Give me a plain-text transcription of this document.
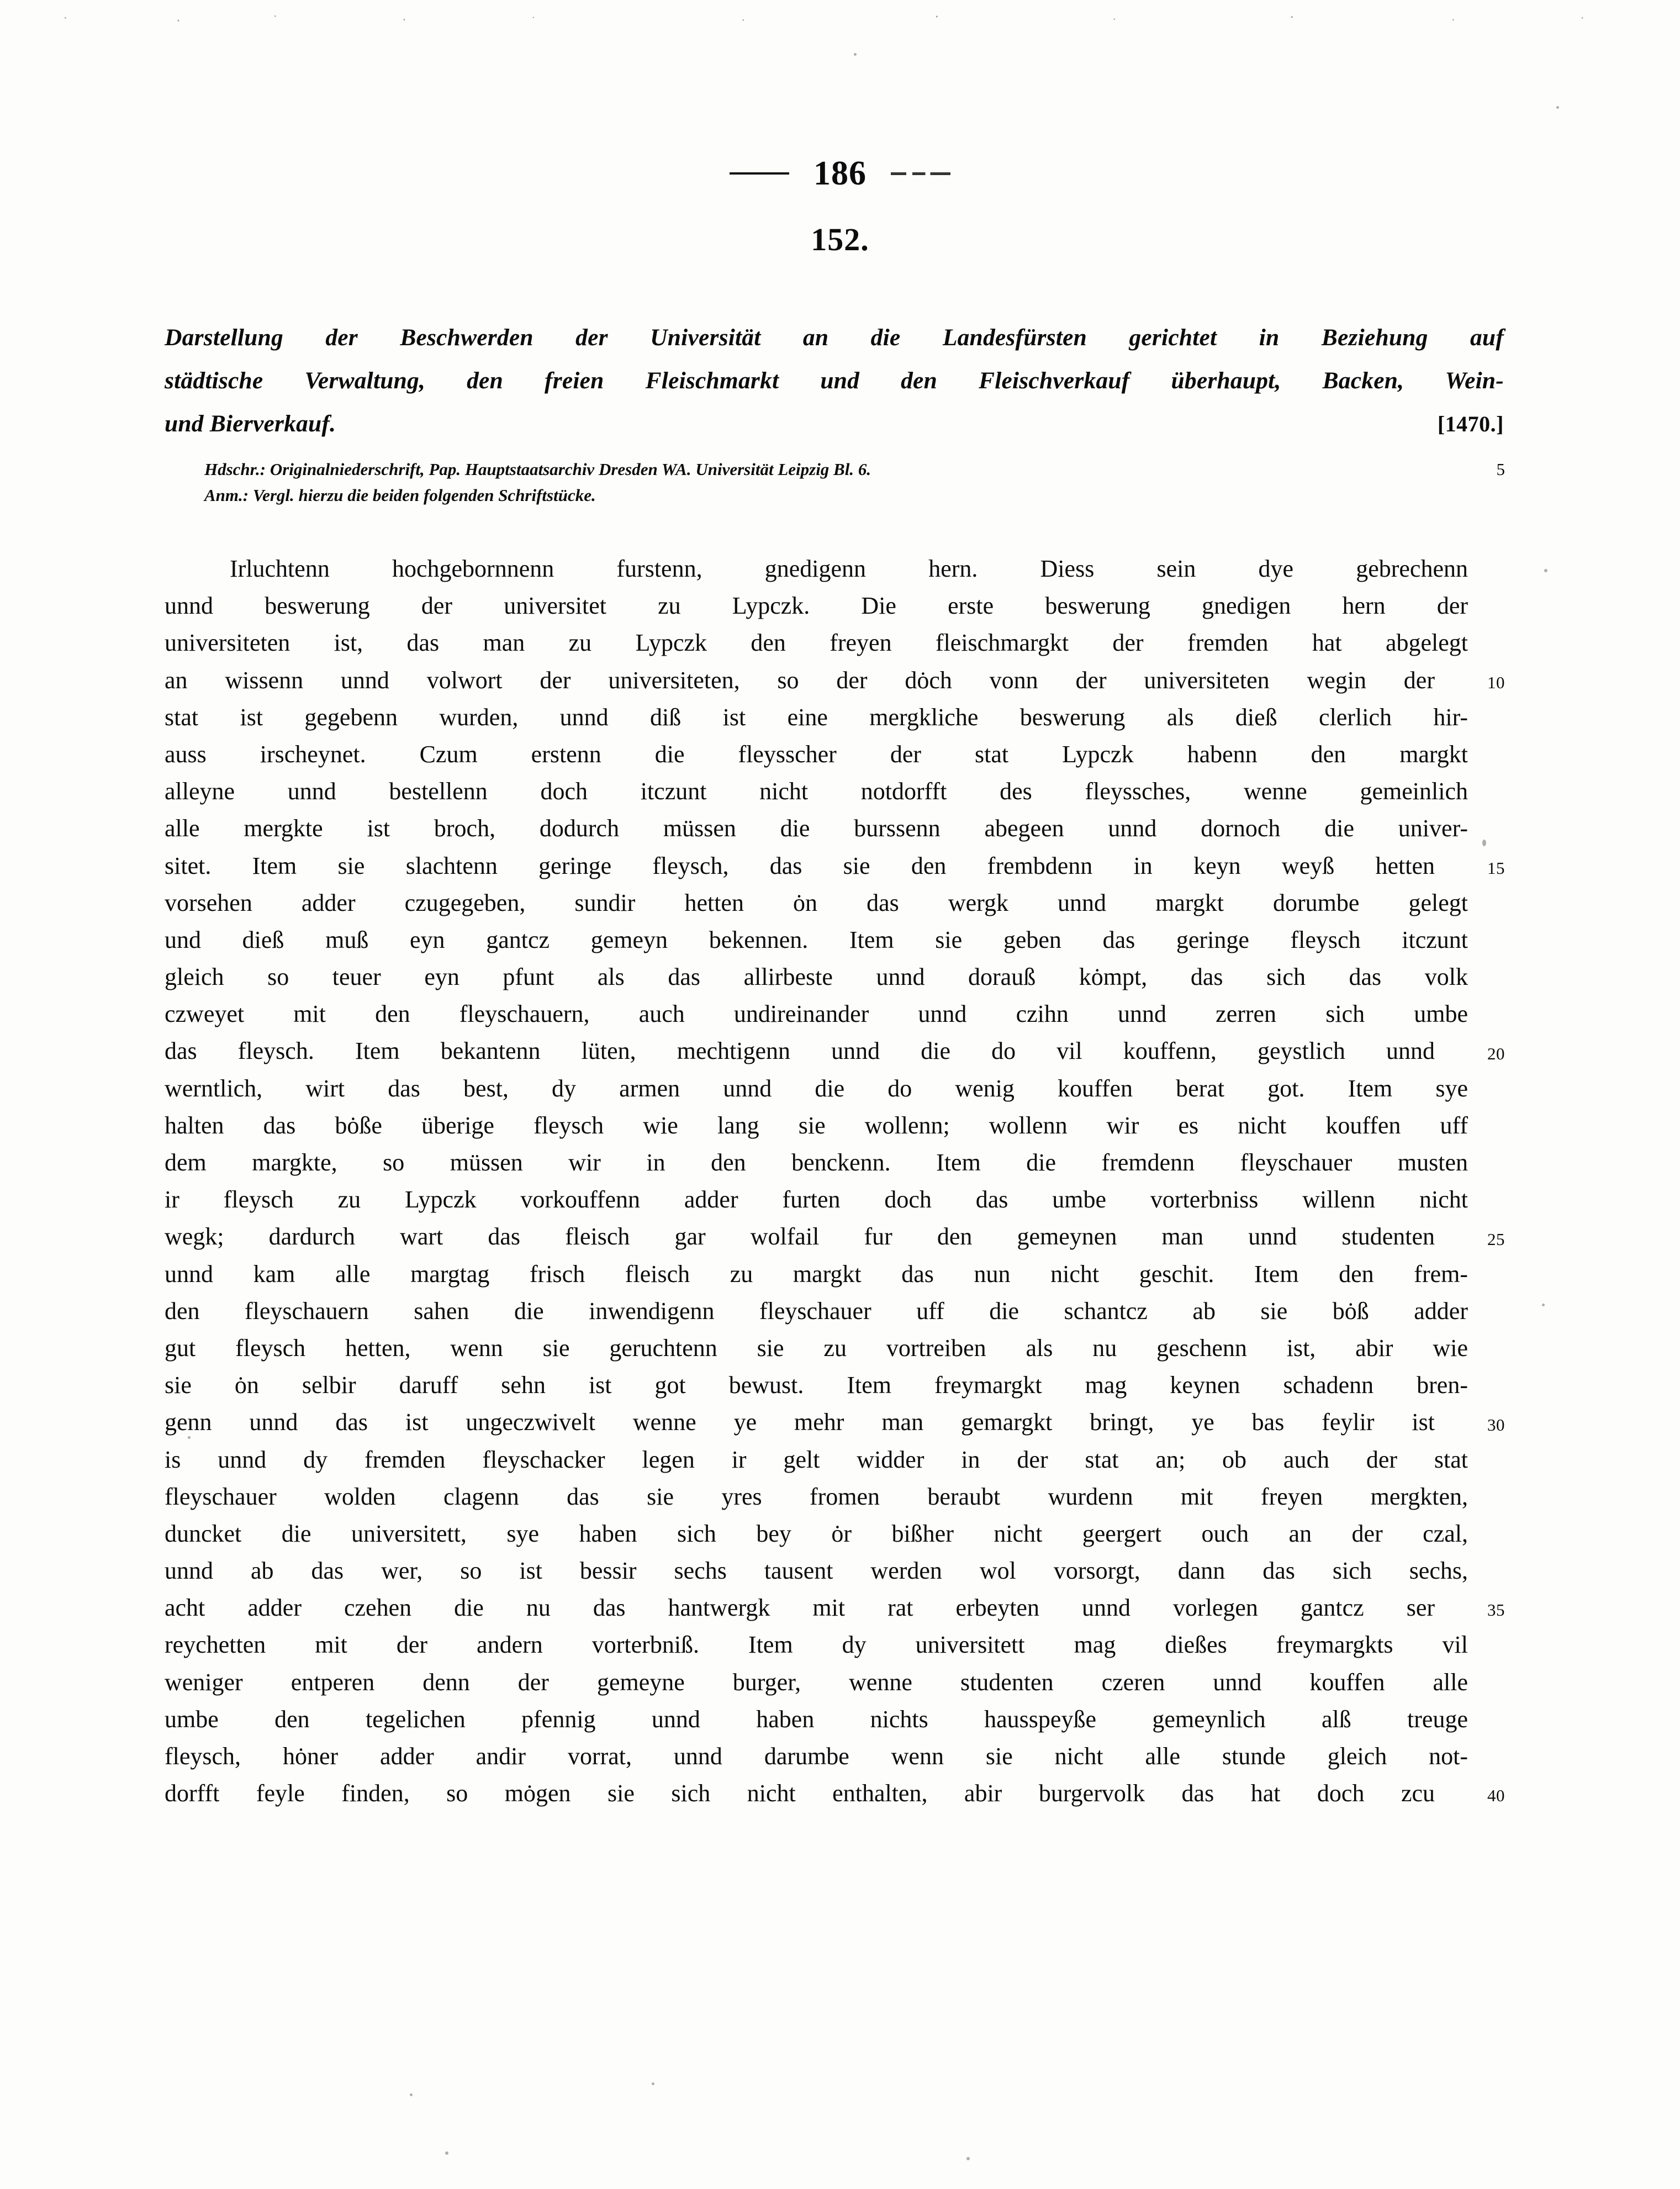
186
152.
Darstellung der Beschwerden der Universität an die Landesfürsten gerichtet in Beziehung auf
städtische Verwaltung, den freien Fleischmarkt und den Fleischverkauf überhaupt, Backen, Wein-
und Bierverkauf.	[1470.]
Hdschr.: Originalniederschrift, Pap. Hauptstaatsarchiv Dresden WA. Universität Leipzig Bl. 6.	5
Anm.: Vergl. hierzu die beiden folgenden Schriftstücke.
Irluchtenn hochgebornnenn furstenn, gnedigenn hern. Diess sein dye gebrechenn
unnd beswerung der universitet zu Lypczk. Die erste beswerung gnedigen hern der
universiteten ist, das man zu Lypczk den freyen fleischmargkt der fremden hat abgelegt
an wissenn unnd volwort der universiteten, so der dȯch vonn der universiteten wegin der	10
stat ist gegebenn wurden, unnd diß ist eine mergkliche beswerung als dieß clerlich hir-
auss irscheynet. Czum erstenn die fleysscher der stat Lypczk habenn den margkt
alleyne unnd bestellenn doch itczunt nicht notdorfft des fleyssches, wenne gemeinlich
alle mergkte ist broch, dodurch müssen die burssenn abegeen unnd dornoch die univer-
sitet. Item sie slachtenn geringe fleysch, das sie den frembdenn in keyn weyß hetten	15
vorsehen adder czugegeben, sundir hetten ȯn das wergk unnd margkt dorumbe gelegt
und dieß muß eyn gantcz gemeyn bekennen. Item sie geben das geringe fleysch itczunt
gleich so teuer eyn pfunt als das allirbeste unnd dorauß kȯmpt, das sich das volk
czweyet mit den fleyschauern, auch undireinander unnd czihn unnd zerren sich umbe
das fleysch. Item bekantenn lüten, mechtigenn unnd die do vil kouffenn, geystlich unnd	20
werntlich, wirt das best, dy armen unnd die do wenig kouffen berat got. Item sye
halten das bȯße überige fleysch wie lang sie wollenn; wollenn wir es nicht kouffen uff
dem margkte, so müssen wir in den benckenn. Item die fremdenn fleyschauer musten
ir fleysch zu Lypczk vorkouffenn adder furten doch das umbe vorterbniss willenn nicht
wegk; dardurch wart das fleisch gar wolfail fur den gemeynen man unnd studenten	25
unnd kam alle margtag frisch fleisch zu margkt das nun nicht geschit. Item den frem-
den fleyschauern sahen die inwendigenn fleyschauer uff die schantcz ab sie bȯß adder
gut fleysch hetten, wenn sie geruchtenn sie zu vortreiben als nu geschenn ist, abir wie
sie ȯn selbir daruff sehn ist got bewust. Item freymargkt mag keynen schadenn bren-
genn unnd das ist ungeczwivelt wenne ye mehr man gemargkt bringt, ye bas feylir ist	30
is unnd dy fremden fleyschacker legen ir gelt widder in der stat an; ob auch der stat
fleyschauer wolden clagenn das sie yres fromen beraubt wurdenn mit freyen mergkten,
duncket die universitett, sye haben sich bey ȯr bißher nicht geergert ouch an der czal,
unnd ab das wer, so ist bessir sechs tausent werden wol vorsorgt, dann das sich sechs,
acht adder czehen die nu das hantwergk mit rat erbeyten unnd vorlegen gantcz ser	35
reychetten mit der andern vorterbniß. Item dy universitett mag dießes freymargkts vil
weniger entperen denn der gemeyne burger, wenne studenten czeren unnd kouffen alle
umbe den tegelichen pfennig unnd haben nichts hausspeyße gemeynlich alß treuge
fleysch, hȯner adder andir vorrat, unnd darumbe wenn sie nicht alle stunde gleich not-
dorfft feyle finden, so mȯgen sie sich nicht enthalten, abir burgervolk das hat doch zcu	40
